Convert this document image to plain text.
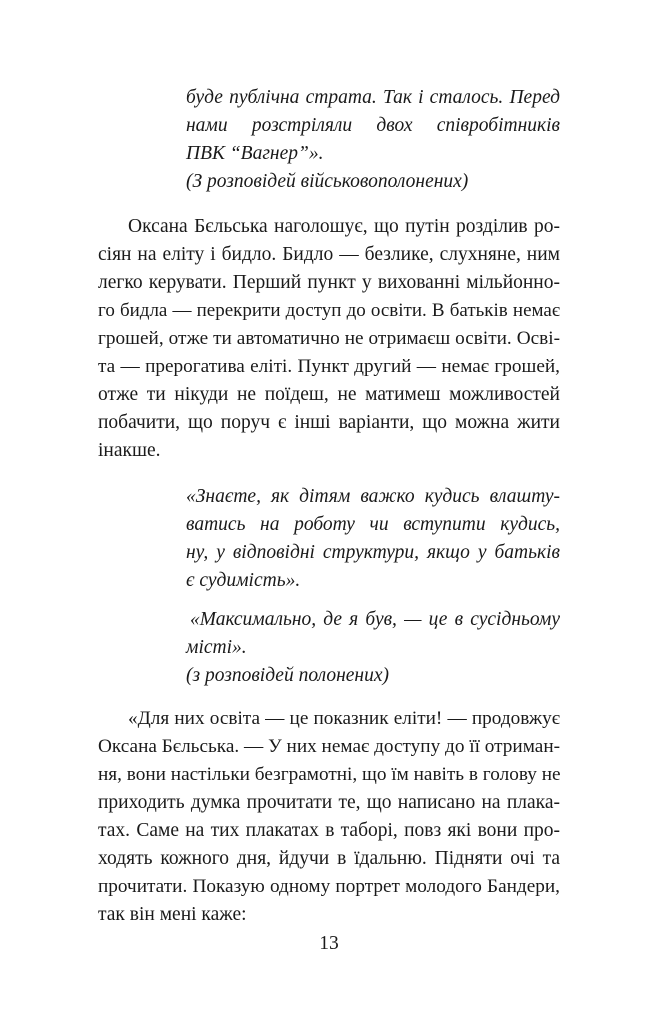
буде публічна страта. Так і сталось. Перед
нами розстріляли двох співробітників
ПВК “Вагнер”».
(З розповідей військовополонених)
Оксана Бєльська наголошує, що путін розділив ро-
сіян на еліту і бидло. Бидло — безлике, слухняне, ним
легко керувати. Перший пункт у вихованні мільйонно-
го бидла — перекрити доступ до освіти. В батьків немає
грошей, отже ти автоматично не отримаєш освіти. Осві-
та — прерогатива еліті. Пункт другий — немає грошей,
отже ти нікуди не поїдеш, не матимеш можливостей
побачити, що поруч є інші варіанти, що можна жити
інакше.
«Знаєте, як дітям важко кудись влашту-
ватись на роботу чи вступити кудись,
ну, у відповідні структури, якщо у батьків
є судимість».
«Максимально, де я був, — це в сусідньому
місті».
(з розповідей полонених)
«Для них освіта — це показник еліти! — продовжує
Оксана Бєльська. — У них немає доступу до її отриман-
ня, вони настільки безграмотні, що їм навіть в голову не
приходить думка прочитати те, що написано на плака-
тах. Саме на тих плакатах в таборі, повз які вони про-
ходять кожного дня, йдучи в їдальню. Підняти очі та
прочитати. Показую одному портрет молодого Бандери,
так він мені каже:
13
